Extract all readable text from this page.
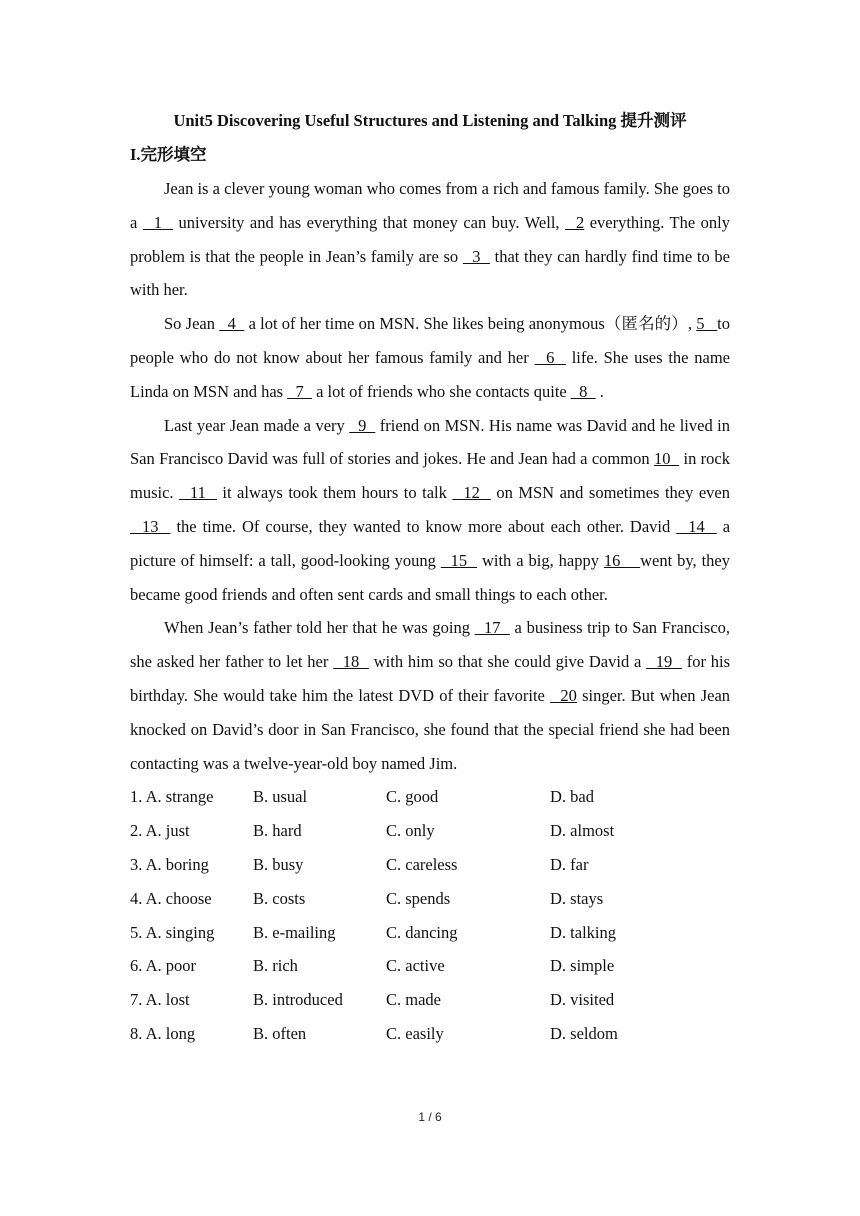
Unit5 Discovering Useful Structures and Listening and Talking 提升测评
I.完形填空

Jean is a clever young woman who comes from a rich and famous family. She goes to a   1   university and has everything that money can buy. Well,   2 everything. The only problem is that the people in Jean’s family are so   3   that they can hardly find time to be with her.

So Jean   4   a lot of her time on MSN. She likes being anonymous（匿名的）, 5   to people who do not know about her famous family and her   6   life. She uses the name Linda on MSN and has   7   a lot of friends who she contacts quite   8   .

Last year Jean made a very   9   friend on MSN. His name was David and he lived in San Francisco David was full of stories and jokes. He and Jean had a common 10   in rock music.   11   it always took them hours to talk   12   on MSN and sometimes they even   13   the time. Of course, they wanted to know more about each other. David   14   a picture of himself: a tall, good-looking young   15   with a big, happy 16    went by, they became good friends and often sent cards and small things to each other.

When Jean’s father told her that he was going   17   a business trip to San Francisco, she asked her father to let her   18   with him so that she could give David a   19   for his birthday. She would take him the latest DVD of their favorite   20 singer. But when Jean knocked on David’s door in San Francisco, she found that the special friend she had been contacting was a twelve-year-old boy named Jim.

1. A. strange	B. usual	C. good	D. bad
2. A. just	B. hard	C. only	D. almost
3. A. boring	B. busy	C. careless	D. far
4. A. choose	B. costs	C. spends	D. stays
5. A. singing	B. e-mailing	C. dancing	D. talking
6. A. poor	B. rich	C. active	D. simple
7. A. lost	B. introduced	C. made	D. visited
8. A. long	B. often	C. easily	D. seldom
1 / 6
